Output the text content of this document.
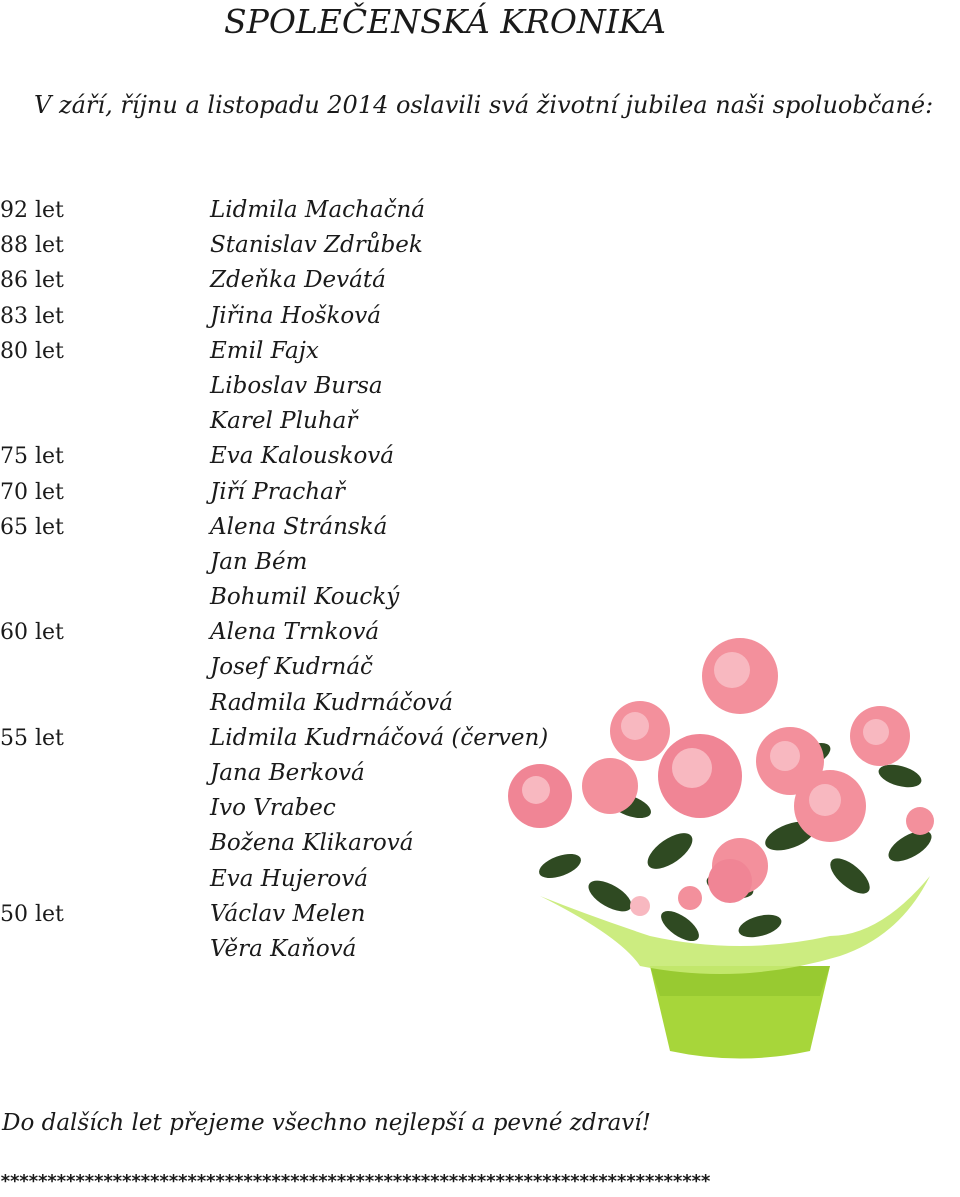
SPOLEČENSKÁ KRONIKA
V září, říjnu a listopadu 2014 oslavili svá životní jubilea naši spoluobčané:
92 let	Lidmila Machačná
88 let	Stanislav Zdrůbek
86 let	Zdeňka Devátá
83 let	Jiřina Hošková
80 let	Emil Fajx
Liboslav Bursa
Karel Pluhař
75 let	Eva Kalousková
70 let	Jiří Prachař
65 let	Alena Stránská
Jan Bém
Bohumil Koucký
60 let	Alena Trnková
Josef Kudrnáč
Radmila Kudrnáčová
55 let	Lidmila Kudrnáčová (červen)
Jana Berková
Ivo Vrabec
Božena Klikarová
Eva Hujerová
50 let	Václav Melen
Věra Kaňová
Do dalších let přejeme všechno nejlepší a pevné zdraví!
****************************************************************************
